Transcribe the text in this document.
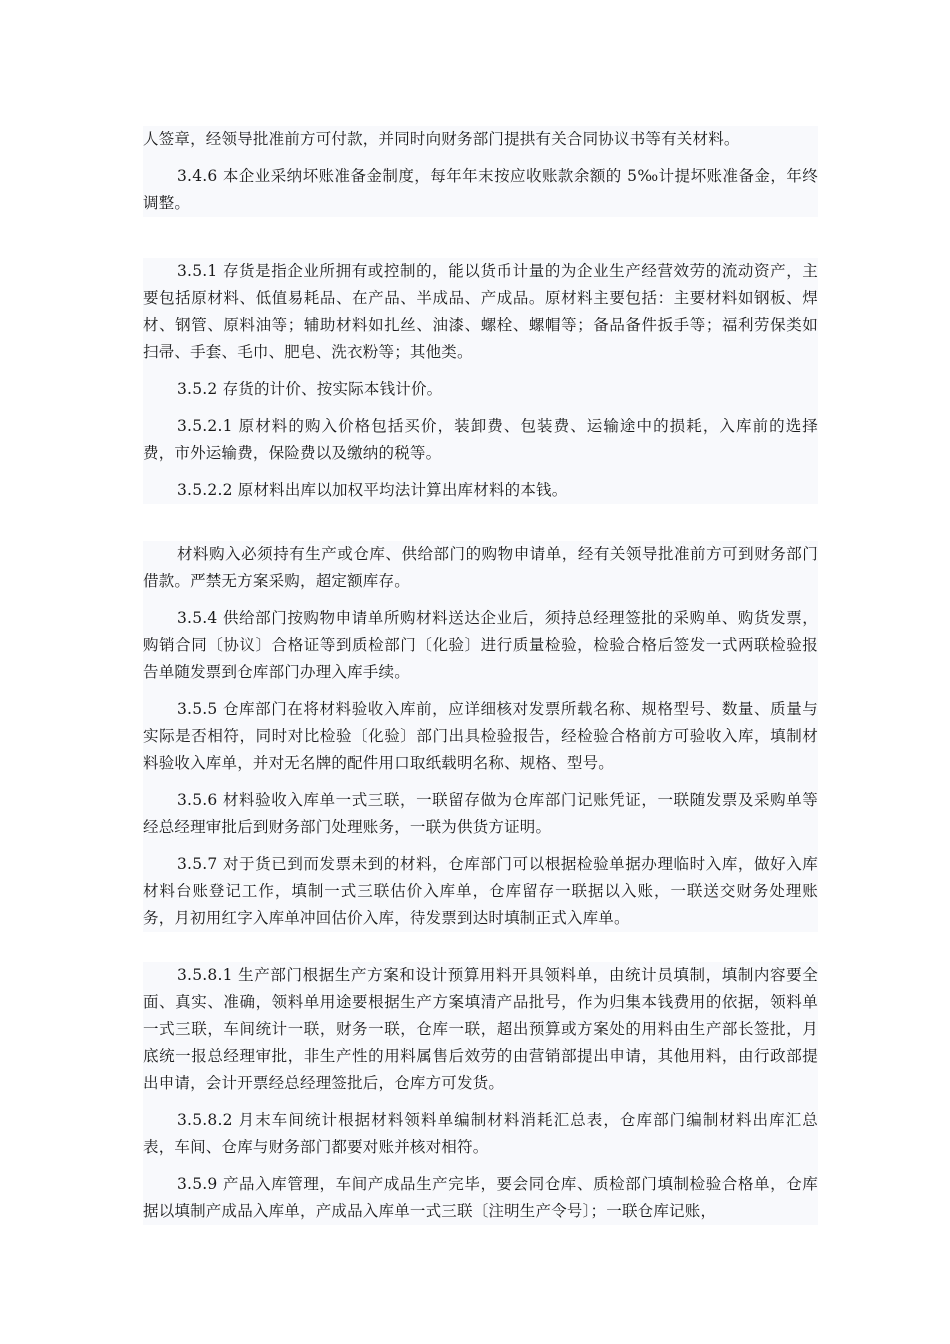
人签章，经领导批准前方可付款，并同时向财务部门提拱有关合同协议书等有关材料。

3.4.6 本企业采纳坏账准备金制度，每年年末按应收账款余额的 5‰计提坏账准备金，年终调整。

3.5.1 存货是指企业所拥有或控制的，能以货币计量的为企业生产经营效劳的流动资产，主要包括原材料、低值易耗品、在产品、半成品、产成品。原材料主要包括：主要材料如钢板、焊材、钢管、原料油等；辅助材料如扎丝、油漆、螺栓、螺帽等；备品备件扳手等；福利劳保类如扫帚、手套、毛巾、肥皂、洗衣粉等；其他类。

3.5.2 存货的计价、按实际本钱计价。

3.5.2.1 原材料的购入价格包括买价，装卸费、包装费、运输途中的损耗，入库前的选择费，市外运输费，保险费以及缴纳的税等。

3.5.2.2 原材料出库以加权平均法计算出库材料的本钱。

材料购入必须持有生产或仓库、供给部门的购物申请单，经有关领导批准前方可到财务部门借款。严禁无方案采购，超定额库存。

3.5.4 供给部门按购物申请单所购材料送达企业后，须持总经理签批的采购单、购货发票，购销合同〔协议〕合格证等到质检部门〔化验〕进行质量检验，检验合格后签发一式两联检验报告单随发票到仓库部门办理入库手续。

3.5.5 仓库部门在将材料验收入库前，应详细核对发票所载名称、规格型号、数量、质量与实际是否相符，同时对比检验〔化验〕部门出具检验报告，经检验合格前方可验收入库，填制材料验收入库单，并对无名牌的配件用口取纸载明名称、规格、型号。

3.5.6 材料验收入库单一式三联，一联留存做为仓库部门记账凭证，一联随发票及采购单等经总经理审批后到财务部门处理账务，一联为供货方证明。

3.5.7 对于货已到而发票未到的材料，仓库部门可以根据检验单据办理临时入库，做好入库材料台账登记工作，填制一式三联估价入库单，仓库留存一联据以入账，一联送交财务处理账务，月初用红字入库单冲回估价入库，待发票到达时填制正式入库单。

3.5.8.1 生产部门根据生产方案和设计预算用料开具领料单，由统计员填制，填制内容要全面、真实、准确，领料单用途要根据生产方案填清产品批号，作为归集本钱费用的依据，领料单一式三联，车间统计一联，财务一联，仓库一联，超出预算或方案处的用料由生产部长签批，月底统一报总经理审批，非生产性的用料属售后效劳的由营销部提出申请，其他用料，由行政部提出申请，会计开票经总经理签批后，仓库方可发货。

3.5.8.2 月末车间统计根据材料领料单编制材料消耗汇总表，仓库部门编制材料出库汇总表，车间、仓库与财务部门都要对账并核对相符。

3.5.9 产品入库管理，车间产成品生产完毕，要会同仓库、质检部门填制检验合格单，仓库据以填制产成品入库单，产成品入库单一式三联〔注明生产令号〕；一联仓库记账，
